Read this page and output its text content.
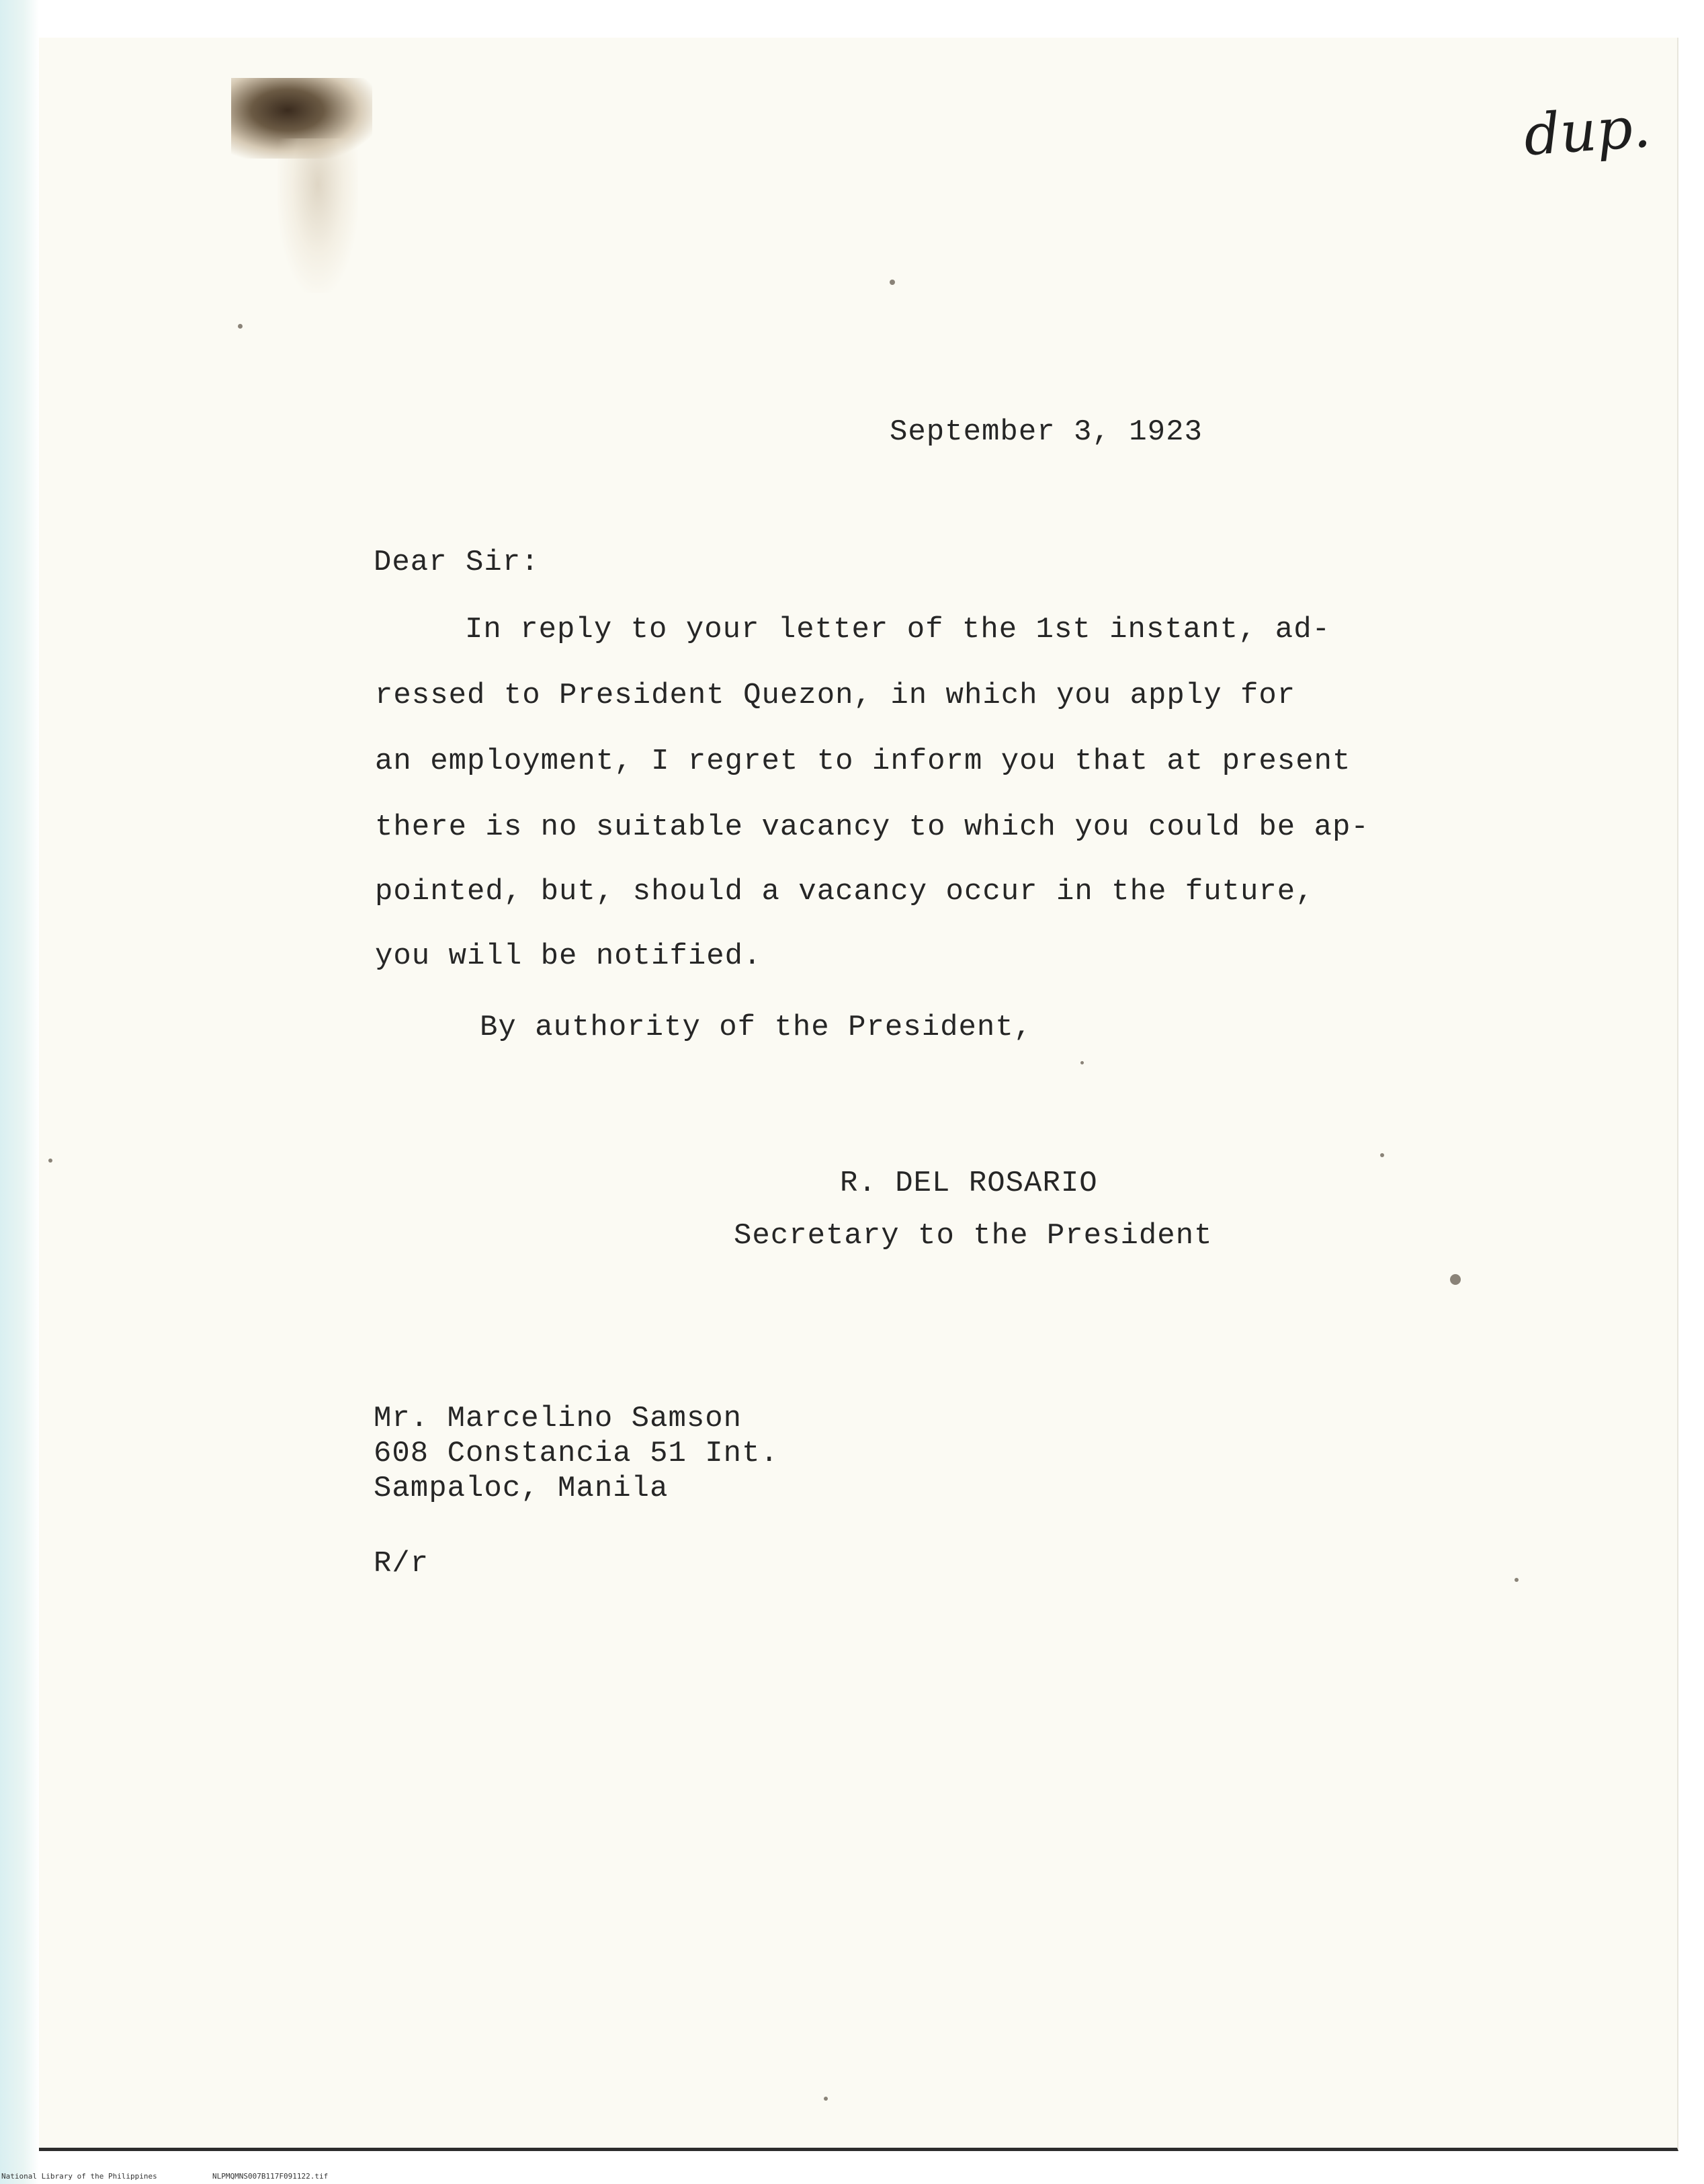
dup.

September 3, 1923

Dear Sir:

In reply to your letter of the 1st instant, ad-

ressed to President Quezon, in which you apply for

an employment, I regret to inform you that at present

there is no suitable vacancy to which you could be ap-

pointed, but, should a vacancy occur in the future,

you will be notified.

By authority of the President,

R. DEL ROSARIO

Secretary to the President

Mr. Marcelino Samson

608 Constancia 51 Int.

Sampaloc, Manila

R/r

National Library of the Philippines	NLPMQMNS007B117F091122.tif
